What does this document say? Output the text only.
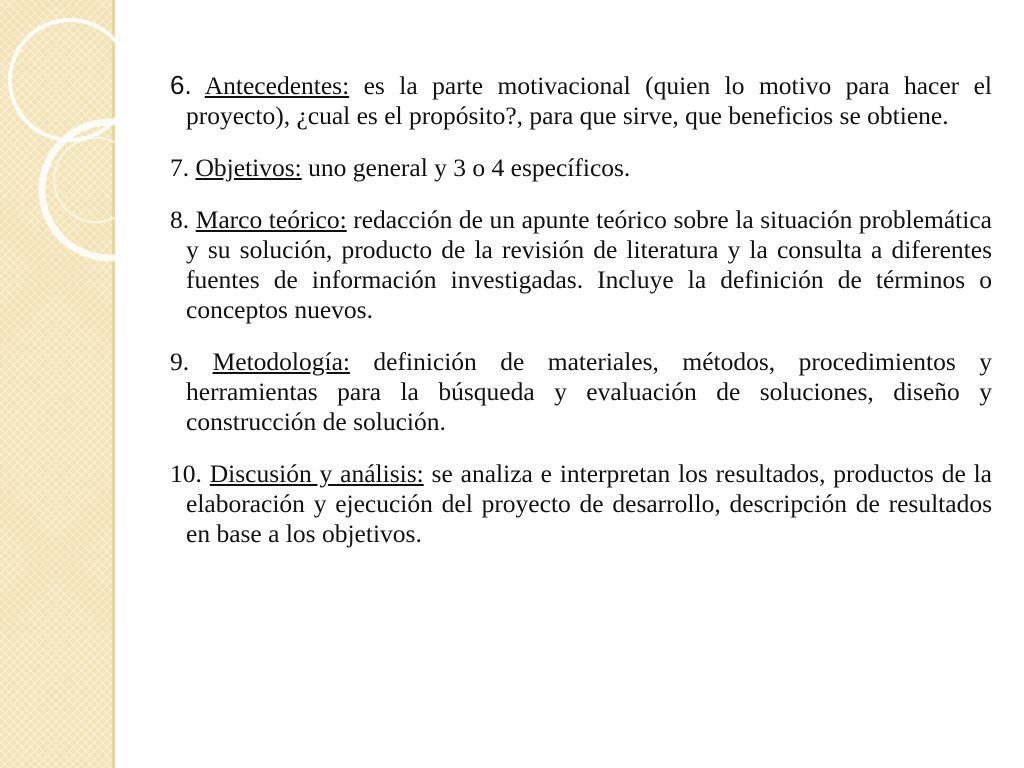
6. Antecedentes: es la parte motivacional (quien lo motivo para hacer el proyecto), ¿cual es el propósito?, para que sirve, que beneficios se obtiene.

7. Objetivos: uno general y 3 o 4 específicos.

8. Marco teórico: redacción de un apunte teórico sobre la situación problemática y su solución, producto de la revisión de literatura y la consulta a diferentes fuentes de información investigadas. Incluye la definición de términos o conceptos nuevos.

9. Metodología: definición de materiales, métodos, procedimientos y herramientas para la búsqueda y evaluación de soluciones, diseño y construcción de solución.

10. Discusión y análisis: se analiza e interpretan los resultados, productos de la elaboración y ejecución del proyecto de desarrollo, descripción de resultados en base a los objetivos.
